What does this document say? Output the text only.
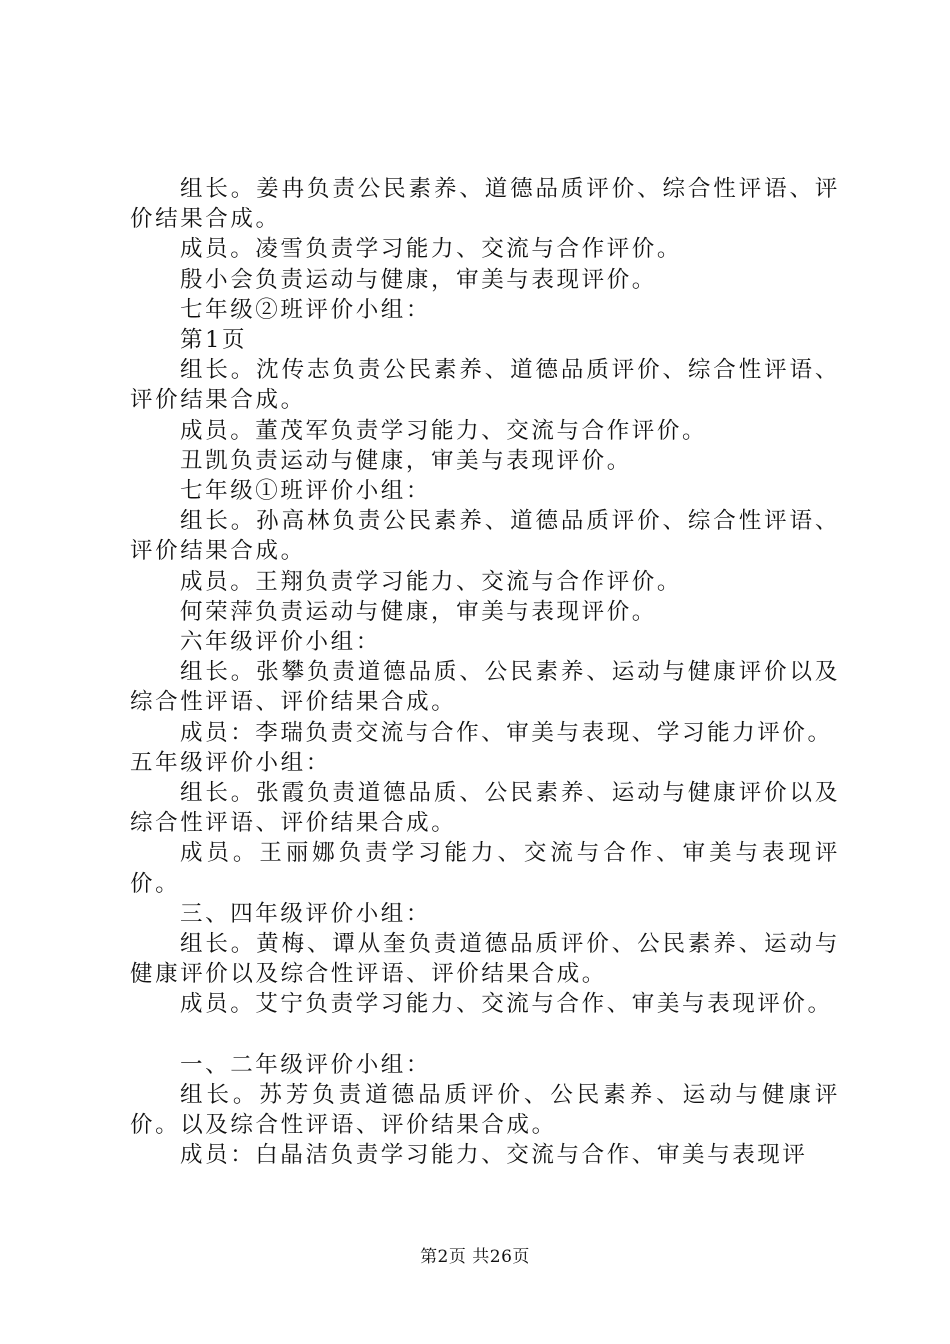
组长。姜冉负责公民素养、道德品质评价、综合性评语、评价结果合成。

成员。凌雪负责学习能力、交流与合作评价。

殷小会负责运动与健康，审美与表现评价。

七年级②班评价小组：

第1页

组长。沈传志负责公民素养、道德品质评价、综合性评语、评价结果合成。

成员。董茂军负责学习能力、交流与合作评价。

丑凯负责运动与健康，审美与表现评价。

七年级①班评价小组：

组长。孙高林负责公民素养、道德品质评价、综合性评语、评价结果合成。

成员。王翔负责学习能力、交流与合作评价。

何荣萍负责运动与健康，审美与表现评价。

六年级评价小组：

组长。张攀负责道德品质、公民素养、运动与健康评价以及综合性评语、评价结果合成。

成员：李瑞负责交流与合作、审美与表现、学习能力评价。

五年级评价小组：

组长。张霞负责道德品质、公民素养、运动与健康评价以及综合性评语、评价结果合成。

成员。王丽娜负责学习能力、交流与合作、审美与表现评价。

三、四年级评价小组：

组长。黄梅、谭从奎负责道德品质评价、公民素养、运动与健康评价以及综合性评语、评价结果合成。

成员。艾宁负责学习能力、交流与合作、审美与表现评价。

一、二年级评价小组：

组长。苏芳负责道德品质评价、公民素养、运动与健康评价。以及综合性评语、评价结果合成。

成员：白晶洁负责学习能力、交流与合作、审美与表现评

第2页 共26页
